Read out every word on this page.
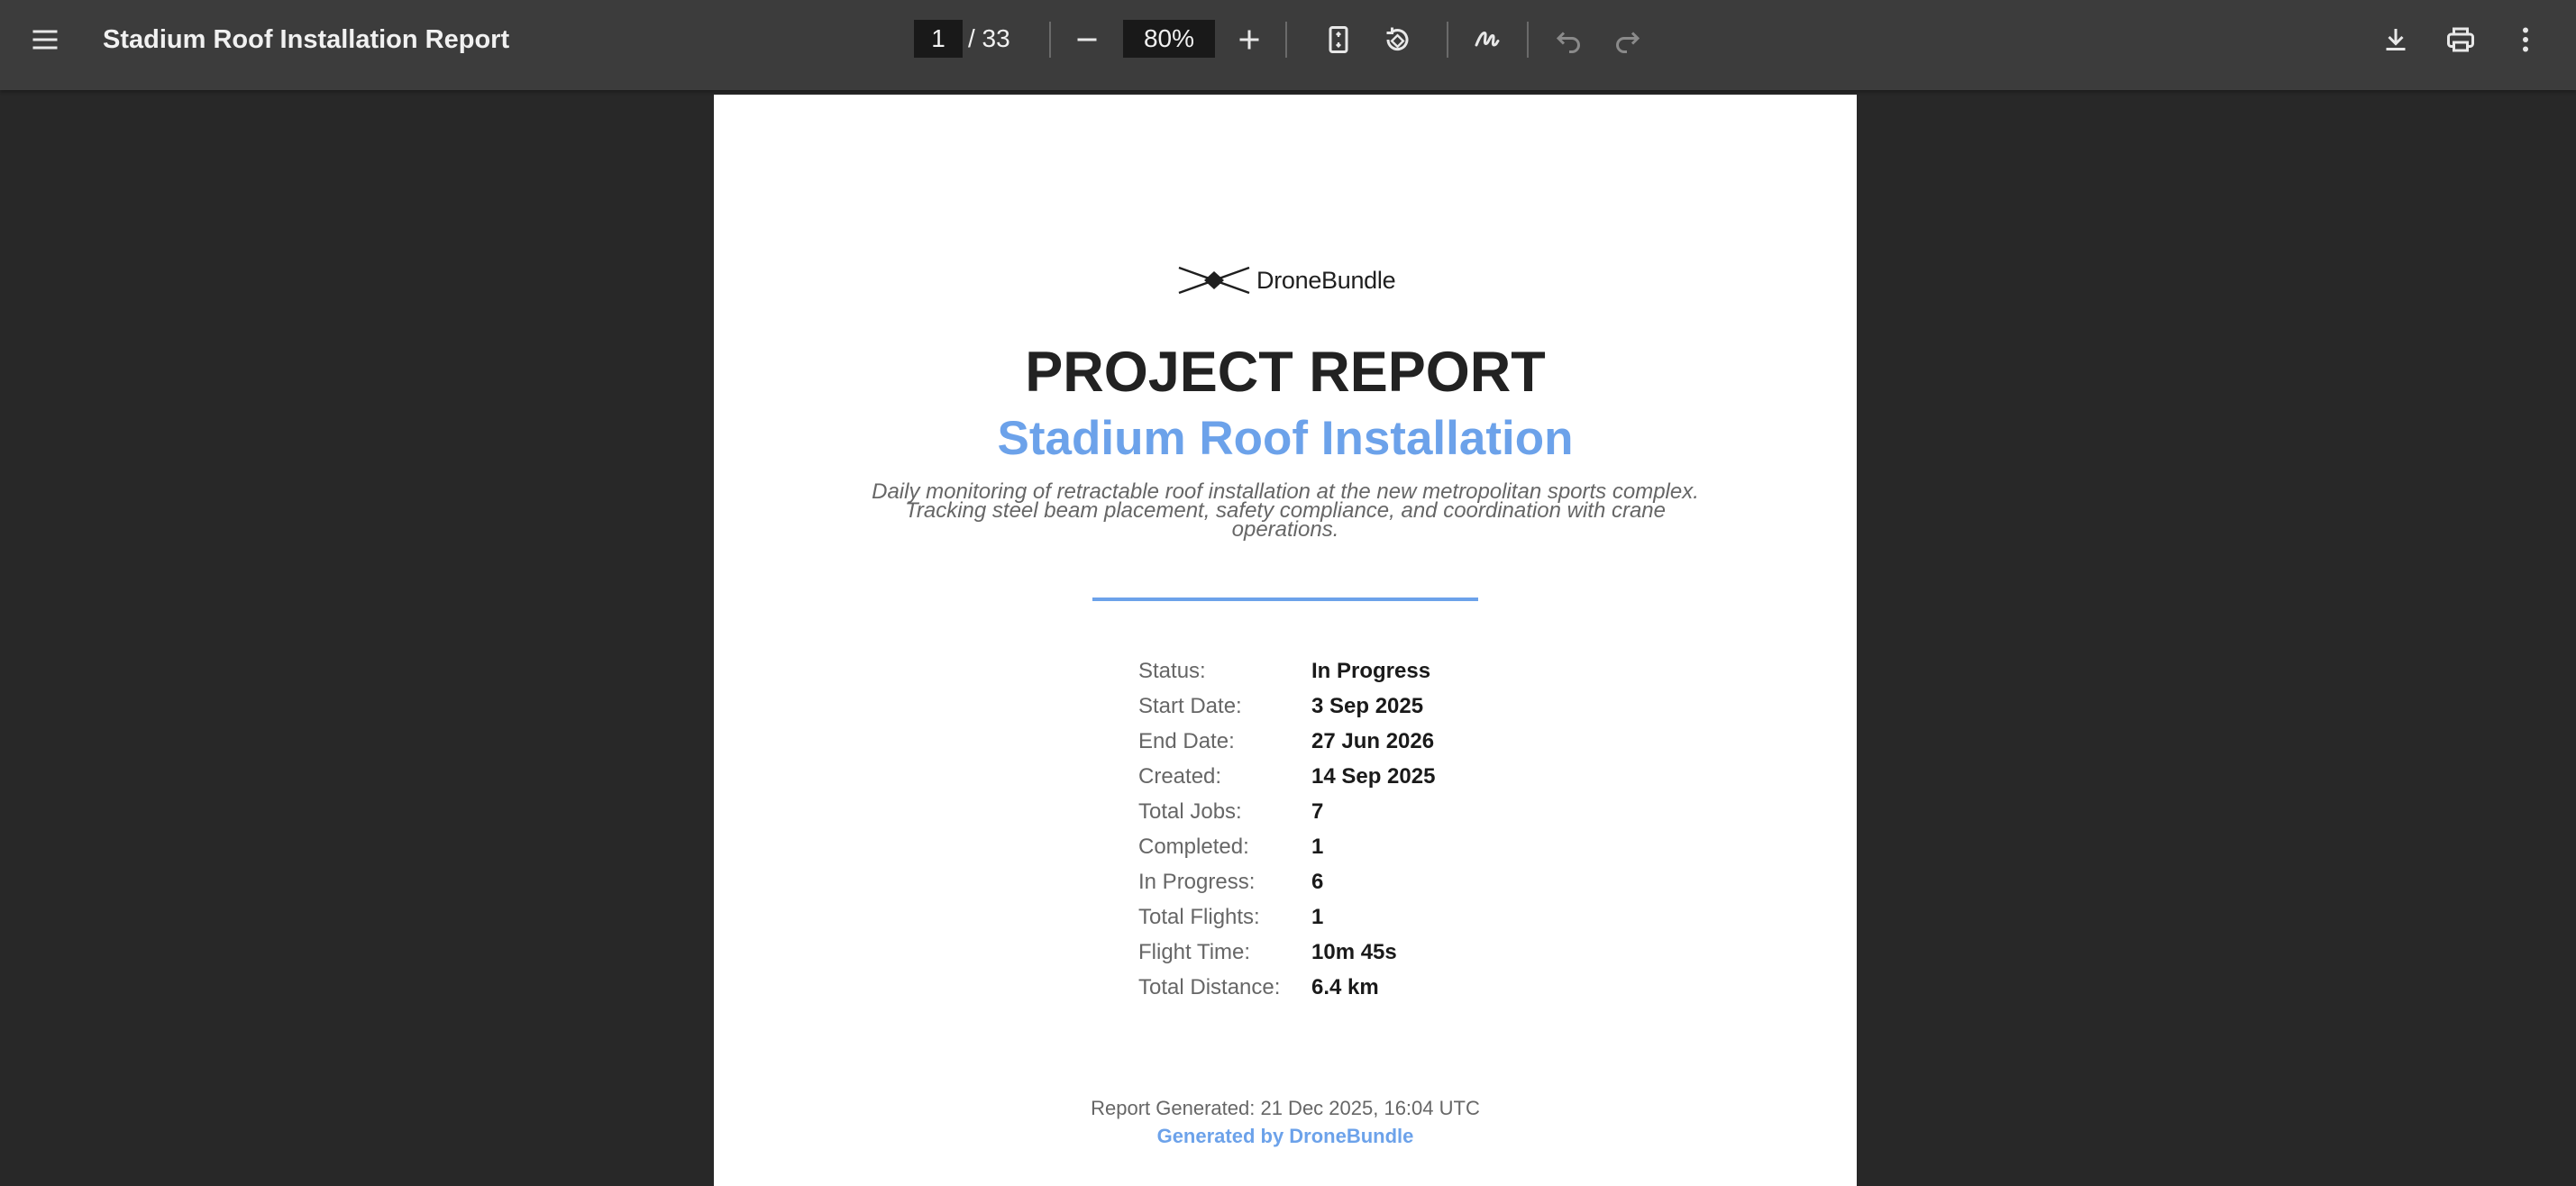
Stadium Roof Installation Report	1 / 33	80%
DroneBundle
PROJECT REPORT
Stadium Roof Installation
Daily monitoring of retractable roof installation at the new metropolitan sports complex.
Tracking steel beam placement, safety compliance, and coordination with crane
operations.
Status:	In Progress
Start Date:	3 Sep 2025
End Date:	27 Jun 2026
Created:	14 Sep 2025
Total Jobs:	7
Completed:	1
In Progress:	6
Total Flights: 1
Flight Time:	10m 45s
Total Distance: 6.4 km
Report Generated: 21 Dec 2025, 16:04 UTC
Generated by DroneBundle
